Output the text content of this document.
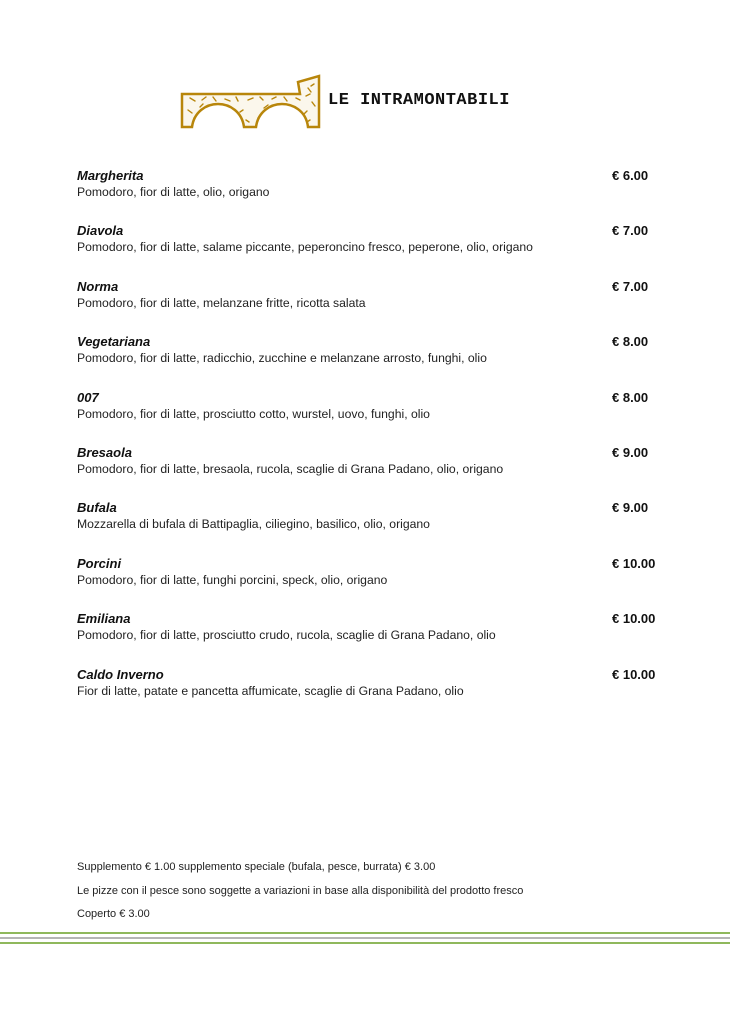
LE INTRAMONTABILI
Margherita
Pomodoro, fior di latte, olio, origano
€ 6.00
Diavola
Pomodoro, fior di latte, salame piccante, peperoncino fresco, peperone, olio, origano
€ 7.00
Norma
Pomodoro, fior di latte, melanzane fritte, ricotta salata
€ 7.00
Vegetariana
Pomodoro, fior di latte, radicchio, zucchine e melanzane arrosto, funghi, olio
€ 8.00
007
Pomodoro, fior di latte, prosciutto cotto, wurstel, uovo, funghi, olio
€ 8.00
Bresaola
Pomodoro, fior di latte, bresaola, rucola, scaglie di Grana Padano, olio, origano
€ 9.00
Bufala
Mozzarella di bufala di Battipaglia, ciliegino, basilico, olio, origano
€ 9.00
Porcini
Pomodoro, fior di latte, funghi porcini, speck, olio, origano
€ 10.00
Emiliana
Pomodoro, fior di latte, prosciutto crudo, rucola, scaglie di Grana Padano, olio
€ 10.00
Caldo Inverno
Fior di latte, patate e pancetta affumicate, scaglie di Grana Padano, olio
€ 10.00
Supplemento € 1.00 supplemento speciale (bufala, pesce, burrata) € 3.00
Le pizze con il pesce sono soggette a variazioni in base alla disponibilità del prodotto fresco
Coperto € 3.00
